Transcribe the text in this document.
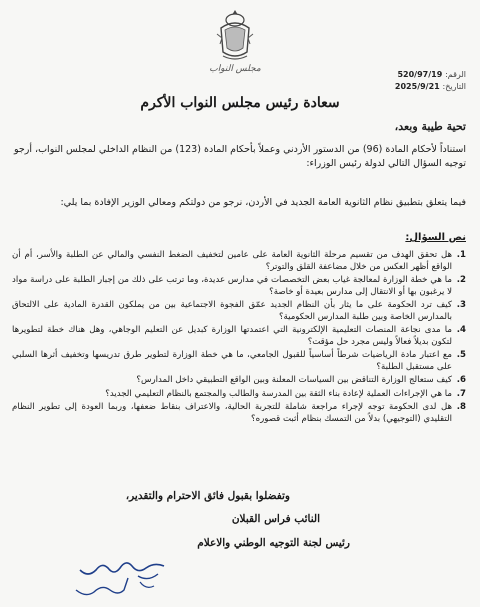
مجلس النواب
الرقم: 520/97/19
التاريخ: 2025/9/21
سعادة رئيس مجلس النواب الأكرم
تحية طيبة وبعد،
استناداً لأحكام المادة (96) من الدستور الأردني وعملاً بأحكام المادة (123) من النظام الداخلي لمجلس النواب، أرجو توجيه السؤال التالي لدولة رئيس الوزراء:
فيما يتعلق بتطبيق نظام الثانوية العامة الجديد في الأردن، نرجو من دولتكم ومعالي الوزير الإفادة بما يلي:
نص السؤال:
1.
هل تحقق الهدف من تقسيم مرحلة الثانوية العامة على عامين لتخفيف الضغط النفسي والمالي عن الطلبة والأسر، أم أن الواقع أظهر العكس من خلال مضاعفة القلق والتوتر؟
2.
ما هي خطة الوزارة لمعالجة غياب بعض التخصصات في مدارس عديدة، وما ترتب على ذلك من إجبار الطلبة على دراسة مواد لا يرغبون بها أو الانتقال إلى مدارس بعيدة أو خاصة؟
3.
كيف ترد الحكومة على ما يثار بأن النظام الجديد عمّق الفجوة الاجتماعية بين من يملكون القدرة المادية على الالتحاق بالمدارس الخاصة وبين طلبة المدارس الحكومية؟
4.
ما مدى نجاعة المنصات التعليمية الإلكترونية التي اعتمدتها الوزارة كبديل عن التعليم الوجاهي، وهل هناك خطة لتطويرها لتكون بديلاً فعالاً وليس مجرد حل مؤقت؟
5.
مع اعتبار مادة الرياضيات شرطاً أساسياً للقبول الجامعي، ما هي خطة الوزارة لتطوير طرق تدريسها وتخفيف أثرها السلبي على مستقبل الطلبة؟
6.
كيف ستعالج الوزارة التناقض بين السياسات المعلنة وبين الواقع التطبيقي داخل المدارس؟
7.
ما هي الإجراءات العملية لإعادة بناء الثقة بين المدرسة والطالب والمجتمع بالنظام التعليمي الجديد؟
8.
هل لدى الحكومة توجه لإجراء مراجعة شاملة للتجربة الحالية، والاعتراف بنقاط ضعفها، وربما العودة إلى تطوير النظام التقليدي (التوجيهي) بدلاً من التمسك بنظام أثبت قصوره؟
وتفضلوا بقبول فائق الاحترام والتقدير،
النائب فراس القبلان
رئيس لجنة التوجيه الوطني والاعلام
